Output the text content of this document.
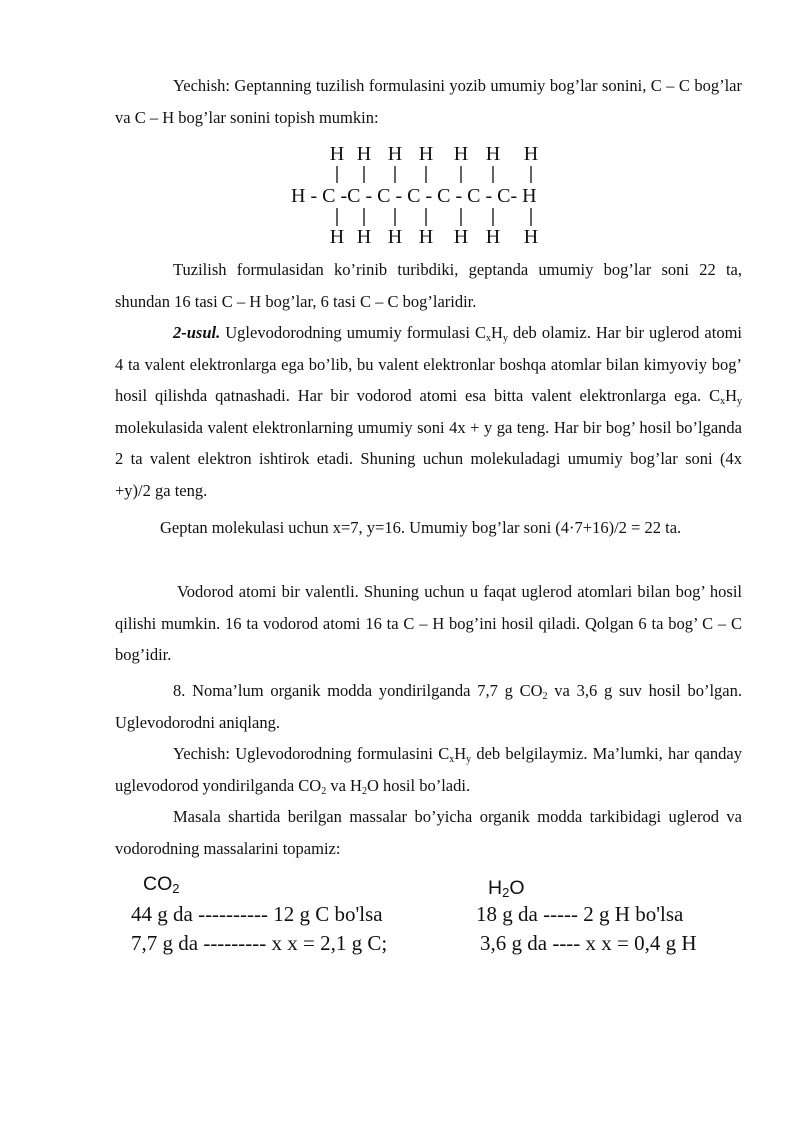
Yechish: Geptanning tuzilish formulasini yozib umumiy bog’lar sonini, C – C bog’lar va C – H bog’lar sonini topish mumkin:

H H H H H H H
H - C -C - C - C - C - C - C- H
H H H H H H H

Tuzilish formulasidan ko’rinib turibdiki, geptanda umumiy bog’lar soni 22 ta, shundan 16 tasi C – H bog’lar, 6 tasi C – C bog’laridir.

2-usul. Uglevodorodning umumiy formulasi $C_xH_y$ deb olamiz. Har bir uglerod atomi 4 ta valent elektronlarga ega bo’lib, bu valent elektronlar boshqa atomlar bilan kimyoviy bog’ hosil qilishda qatnashadi. Har bir vodorod atomi esa bitta valent elektronlarga ega. $C_xH_y$ molekulasida valent elektronlarning umumiy soni 4x + y ga teng. Har bir bog’ hosil bo’lganda 2 ta valent elektron ishtirok etadi. Shuning uchun molekuladagi umumiy bog’lar soni (4x +y)/2 ga teng.

Geptan molekulasi uchun x=7, y=16. Umumiy bog’lar soni (4·7+16)/2 = 22 ta.

Vodorod atomi bir valentli. Shuning uchun u faqat uglerod atomlari bilan bog’ hosil qilishi mumkin. 16 ta vodorod atomi 16 ta C – H bog’ini hosil qiladi. Qolgan 6 ta bog’ C – C bog’idir.

8. Noma’lum organik modda yondirilganda 7,7 g $CO_2$ va 3,6 g suv hosil bo’lgan. Uglevodorodni aniqlang.

Yechish: Uglevodorodning formulasini $C_xH_y$ deb belgilaymiz. Ma’lumki, har qanday uglevodorod yondirilganda $CO_2$ va $H_2O$ hosil bo’ladi.

Masala shartida berilgan massalar bo’yicha organik modda tarkibidagi uglerod va vodorodning massalarini topamiz:

$CO_2$	$H_2O$
44 g da ---------- 12 g C bo'lsa
7,7 g da --------- x x = 2,1 g C;
18 g da ----- 2 g H bo'lsa
3,6 g da ---- x x = 0,4 g H
